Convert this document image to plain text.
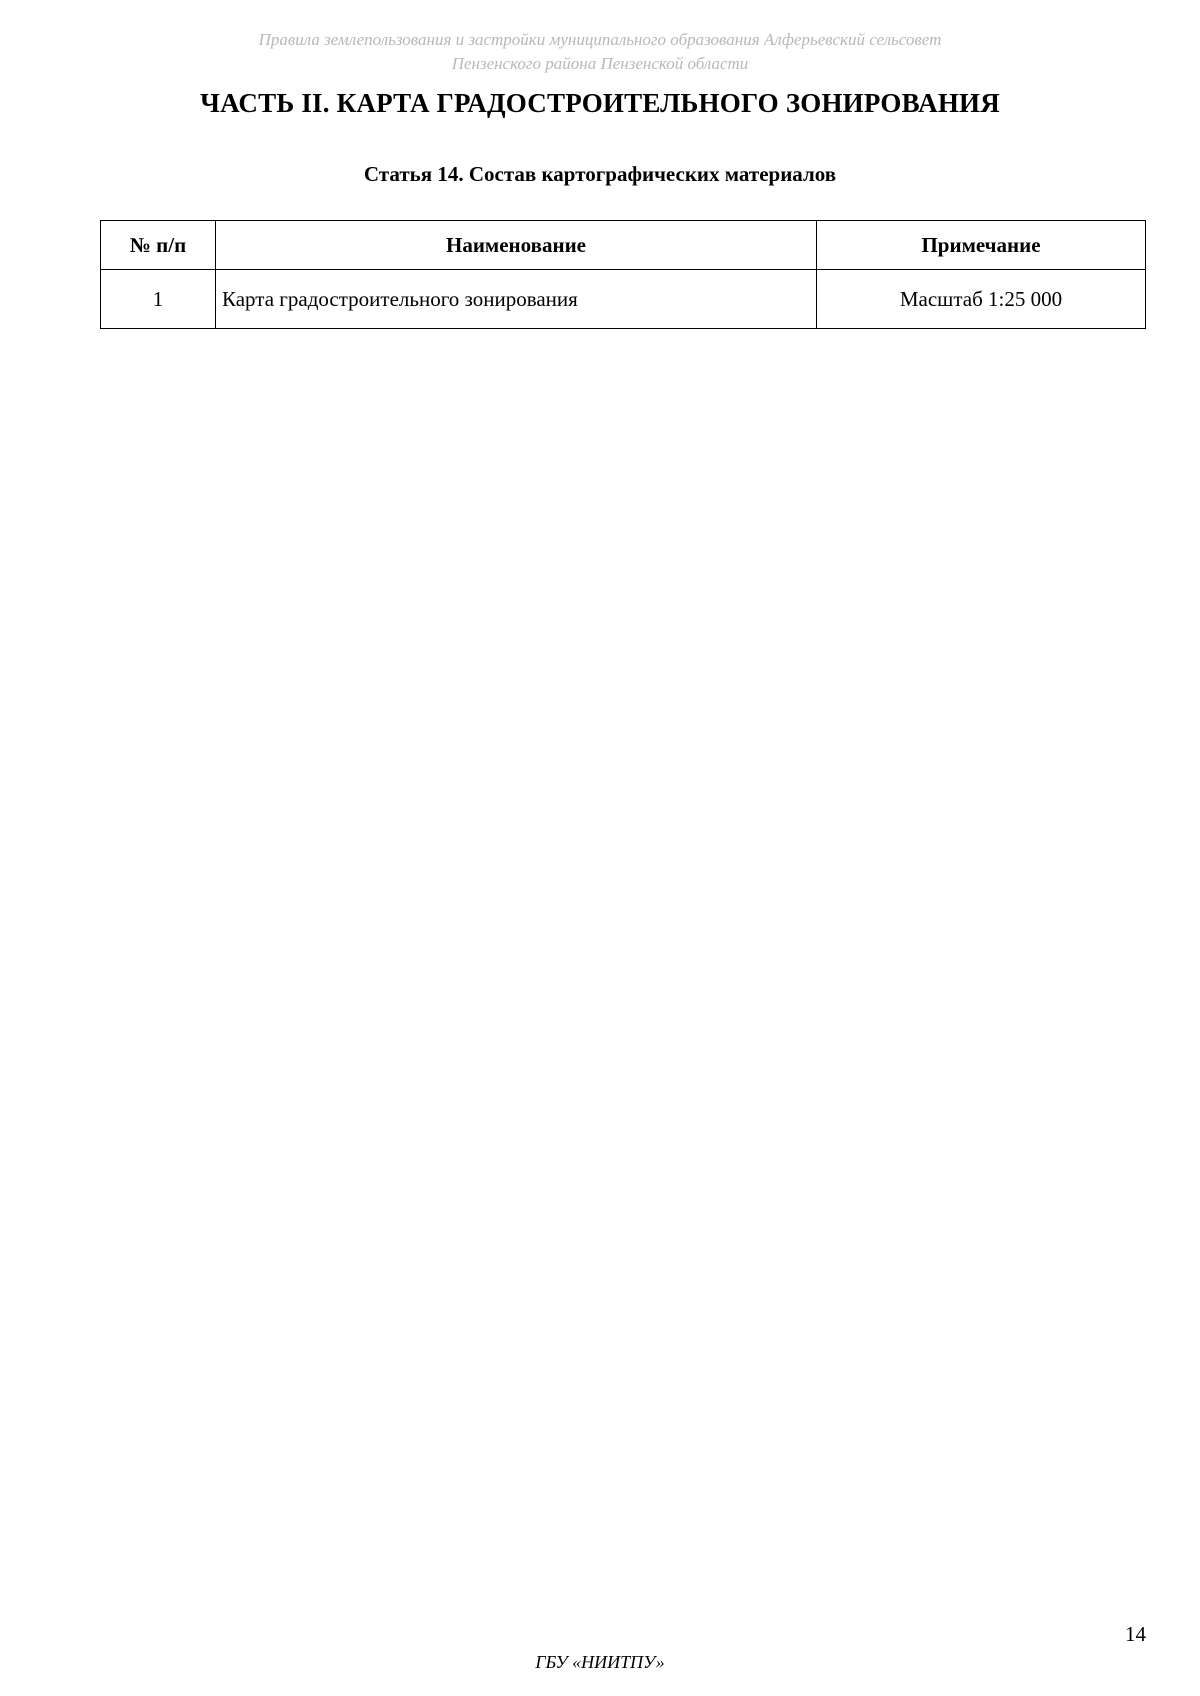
Правила землепользования и застройки муниципального образования Алферьевский сельсовет
Пензенского района Пензенской области
ЧАСТЬ II. КАРТА ГРАДОСТРОИТЕЛЬНОГО ЗОНИРОВАНИЯ
Статья 14. Состав картографических материалов
№ п/п	Наименование	Примечание
1	Карта градостроительного зонирования	Масштаб 1:25 000
14
ГБУ «НИИТПУ»
